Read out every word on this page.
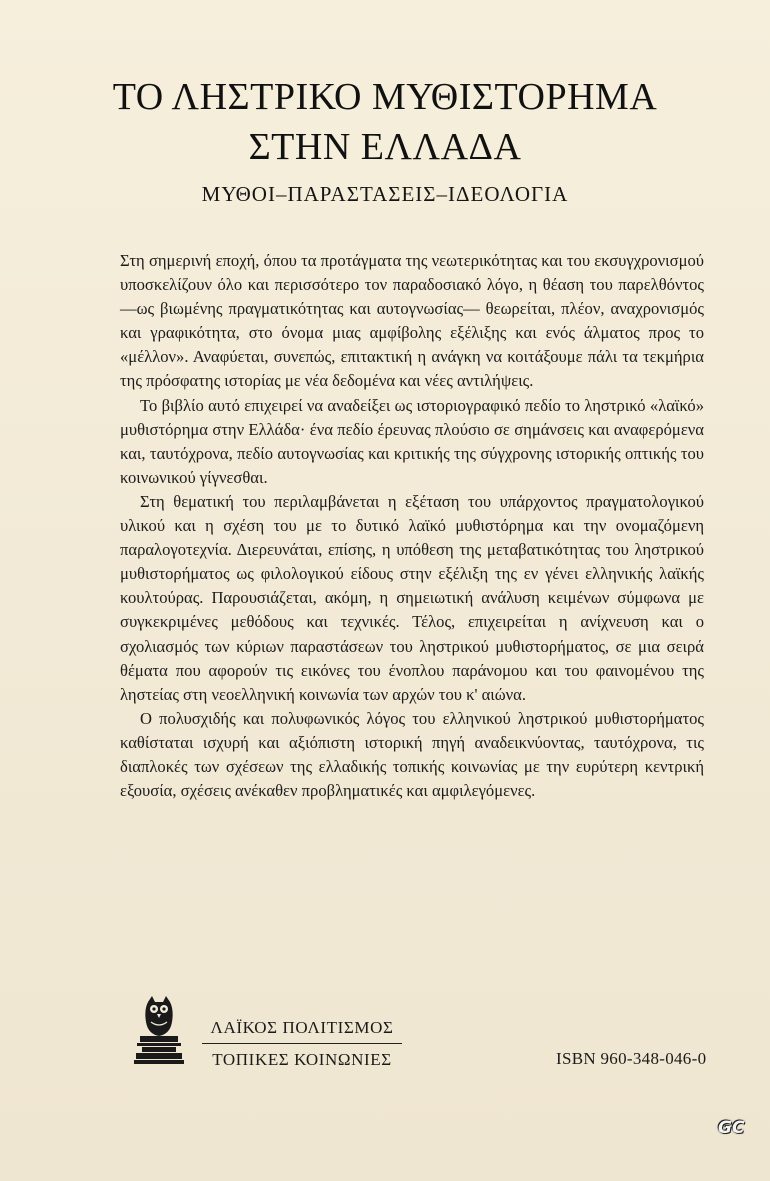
ΤΟ ΛΗΣΤΡΙΚΟ ΜΥΘΙΣΤΟΡΗΜΑ
ΣΤΗΝ ΕΛΛΑΔΑ
ΜΥΘΟΙ–ΠΑΡΑΣΤΑΣΕΙΣ–ΙΔΕΟΛΟΓΙΑ

Στη σημερινή εποχή, όπου τα προτάγματα της νεωτερικότητας και του εκσυγχρονισμού υποσκελίζουν όλο και περισσότερο τον παραδοσιακό λόγο, η θέαση του παρελθόντος —ως βιωμένης πραγματικότητας και αυτογνωσίας— θεωρείται, πλέον, αναχρονισμός και γραφικότητα, στο όνομα μιας αμφίβολης εξέλιξης και ενός άλματος προς το «μέλλον». Αναφύεται, συνεπώς, επιτακτική η ανάγκη να κοιτάξουμε πάλι τα τεκμήρια της πρόσφατης ιστορίας με νέα δεδομένα και νέες αντιλήψεις.

Το βιβλίο αυτό επιχειρεί να αναδείξει ως ιστοριογραφικό πεδίο το ληστρικό «λαϊκό» μυθιστόρημα στην Ελλάδα· ένα πεδίο έρευνας πλούσιο σε σημάνσεις και αναφερόμενα και, ταυτόχρονα, πεδίο αυτογνωσίας και κριτικής της σύγχρονης ιστορικής οπτικής του κοινωνικού γίγνεσθαι.

Στη θεματική του περιλαμβάνεται η εξέταση του υπάρχοντος πραγματολογικού υλικού και η σχέση του με το δυτικό λαϊκό μυθιστόρημα και την ονομαζόμενη παραλογοτεχνία. Διερευνάται, επίσης, η υπόθεση της μεταβατικότητας του ληστρικού μυθιστορήματος ως φιλολογικού είδους στην εξέλιξη της εν γένει ελληνικής λαϊκής κουλτούρας. Παρουσιάζεται, ακόμη, η σημειωτική ανάλυση κειμένων σύμφωνα με συγκεκριμένες μεθόδους και τεχνικές. Τέλος, επιχειρείται η ανίχνευση και ο σχολιασμός των κύριων παραστάσεων του ληστρικού μυθιστορήματος, σε μια σειρά θέματα που αφορούν τις εικόνες του ένοπλου παράνομου και του φαινομένου της ληστείας στη νεοελληνική κοινωνία των αρχών του κ' αιώνα.

Ο πολυσχιδής και πολυφωνικός λόγος του ελληνικού ληστρικού μυθιστορήματος καθίσταται ισχυρή και αξιόπιστη ιστορική πηγή αναδεικνύοντας, ταυτόχρονα, τις διαπλοκές των σχέσεων της ελλαδικής τοπικής κοινωνίας με την ευρύτερη κεντρική εξουσία, σχέσεις ανέκαθεν προβληματικές και αμφιλεγόμενες.

ΛΑΪΚΟΣ ΠΟΛΙΤΙΣΜΟΣ
ΤΟΠΙΚΕΣ ΚΟΙΝΩΝΙΕΣ	ISBN 960-348-046-0
GC
